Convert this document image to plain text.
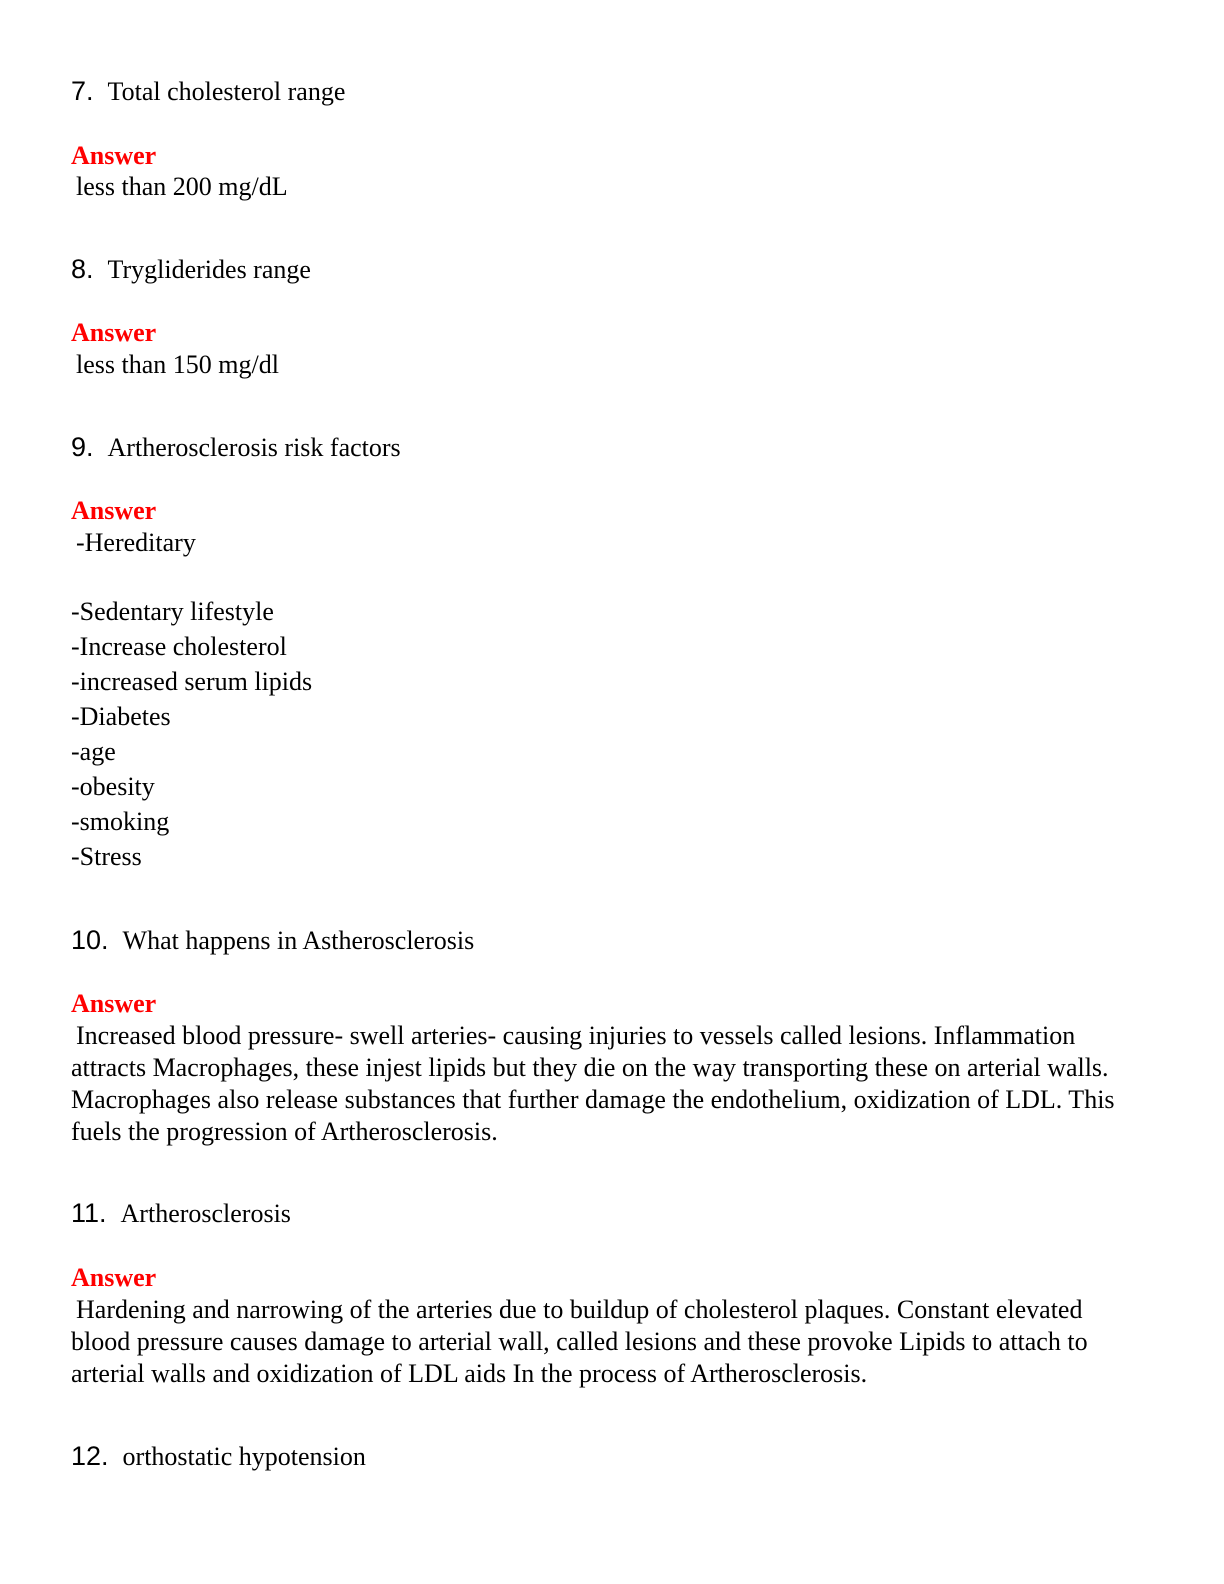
7. Total cholesterol range
Answer
less than 200 mg/dL
8. Trygliderides range
Answer
less than 150 mg/dl
9. Artherosclerosis risk factors
Answer
-Hereditary
-Sedentary lifestyle
-Increase cholesterol
-increased serum lipids
-Diabetes
-age
-obesity
-smoking
-Stress
10. What happens in Astherosclerosis
Answer
Increased blood pressure- swell arteries- causing injuries to vessels called lesions. Inflammation attracts Macrophages, these injest lipids but they die on the way transporting these on arterial walls. Macrophages also release substances that further damage the endothelium, oxidization of LDL. This fuels the progression of Artherosclerosis.
11. Artherosclerosis
Answer
Hardening and narrowing of the arteries due to buildup of cholesterol plaques. Constant elevated blood pressure causes damage to arterial wall, called lesions and these provoke Lipids to attach to arterial walls and oxidization of LDL aids In the process of Artherosclerosis.
12. orthostatic hypotension
